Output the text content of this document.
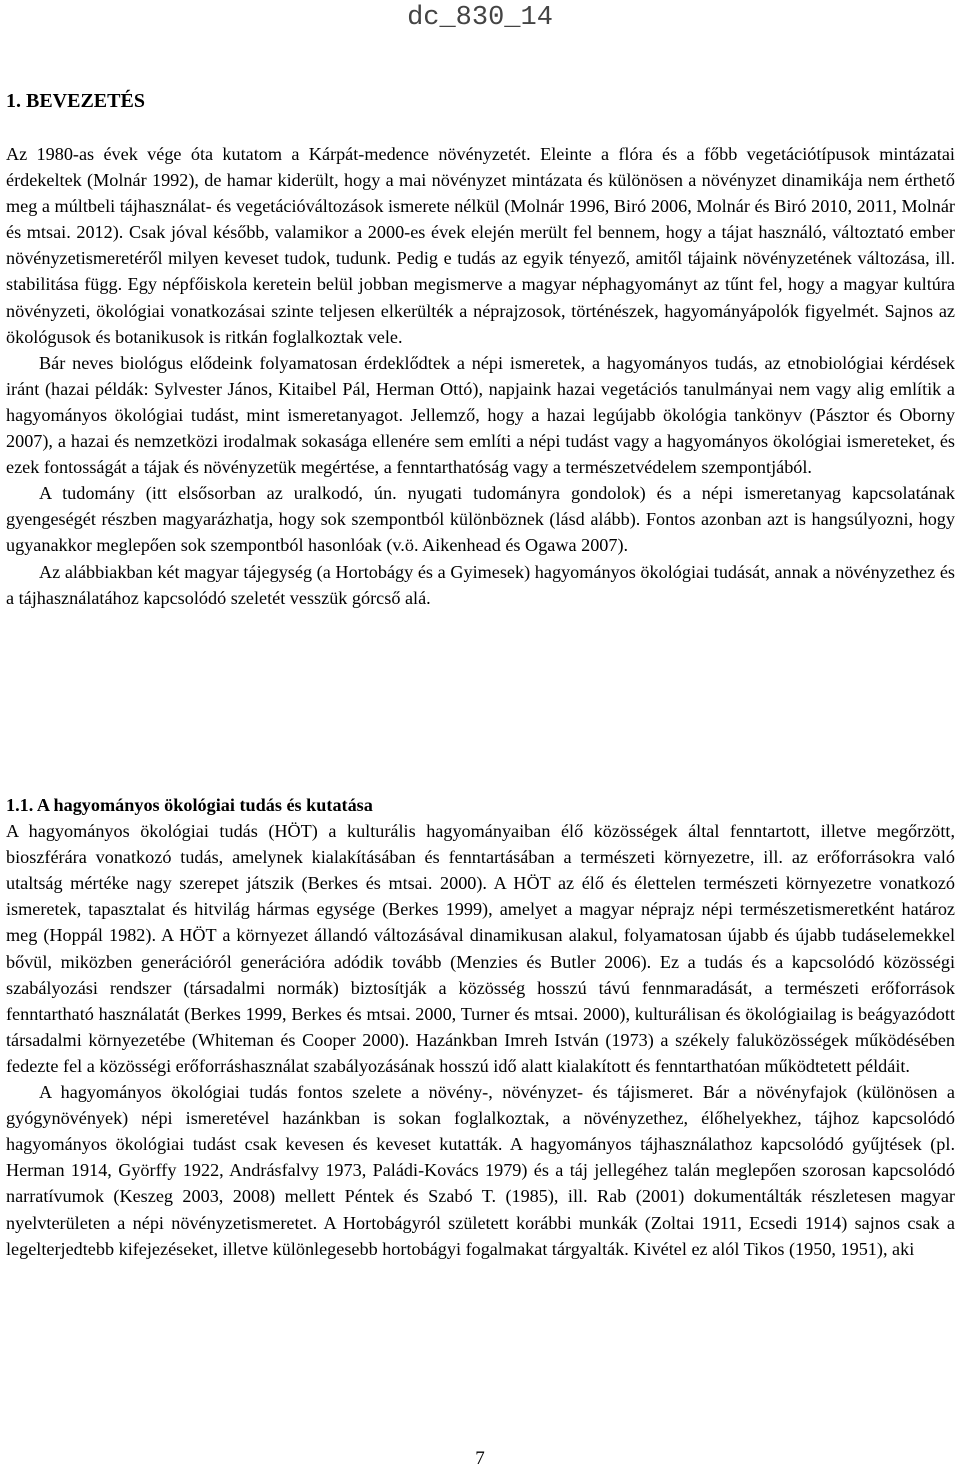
dc_830_14
1. BEVEZETÉS

Az 1980-as évek vége óta kutatom a Kárpát-medence növényzetét. Eleinte a flóra és a főbb vegetációtípusok mintázatai érdekeltek (Molnár 1992), de hamar kiderült, hogy a mai növényzet mintázata és különösen a növényzet dinamikája nem érthető meg a múltbeli tájhasználat- és vegetációváltozások ismerete nélkül (Molnár 1996, Biró 2006, Molnár és Biró 2010, 2011, Molnár és mtsai. 2012). Csak jóval később, valamikor a 2000-es évek elején merült fel bennem, hogy a tájat használó, változtató ember növényzetismeretéről milyen keveset tudok, tudunk. Pedig e tudás az egyik tényező, amitől tájaink növényzetének változása, ill. stabilitása függ. Egy népfőiskola keretein belül jobban megismerve a magyar néphagyományt az tűnt fel, hogy a magyar kultúra növényzeti, ökológiai vonatkozásai szinte teljesen elkerülték a néprajzosok, történészek, hagyományápolók figyelmét. Sajnos az ökológusok és botanikusok is ritkán foglalkoztak vele.

Bár neves biológus elődeink folyamatosan érdeklődtek a népi ismeretek, a hagyományos tudás, az etnobiológiai kérdések iránt (hazai példák: Sylvester János, Kitaibel Pál, Herman Ottó), napjaink hazai vegetációs tanulmányai nem vagy alig említik a hagyományos ökológiai tudást, mint ismeretanyagot. Jellemző, hogy a hazai legújabb ökológia tankönyv (Pásztor és Oborny 2007), a hazai és nemzetközi irodalmak sokasága ellenére sem említi a népi tudást vagy a hagyományos ökológiai ismereteket, és ezek fontosságát a tájak és növényzetük megértése, a fenntarthatóság vagy a természetvédelem szempontjából.

A tudomány (itt elsősorban az uralkodó, ún. nyugati tudományra gondolok) és a népi ismeretanyag kapcsolatának gyengeségét részben magyarázhatja, hogy sok szempontból különböznek (lásd alább). Fontos azonban azt is hangsúlyozni, hogy ugyanakkor meglepően sok szempontból hasonlóak (v.ö. Aikenhead és Ogawa 2007).

Az alábbiakban két magyar tájegység (a Hortobágy és a Gyimesek) hagyományos ökológiai tudását, annak a növényzethez és a tájhasználatához kapcsolódó szeletét vesszük górcső alá.

1.1. A hagyományos ökológiai tudás és kutatása

A hagyományos ökológiai tudás (HÖT) a kulturális hagyományaiban élő közösségek által fenntartott, illetve megőrzött, bioszférára vonatkozó tudás, amelynek kialakításában és fenntartásában a természeti környezetre, ill. az erőforrásokra való utaltság mértéke nagy szerepet játszik (Berkes és mtsai. 2000). A HÖT az élő és élettelen természeti környezetre vonatkozó ismeretek, tapasztalat és hitvilág hármas egysége (Berkes 1999), amelyet a magyar néprajz népi természetismeretként határoz meg (Hoppál 1982). A HÖT a környezet állandó változásával dinamikusan alakul, folyamatosan újabb és újabb tudáselemekkel bővül, miközben generációról generációra adódik tovább (Menzies és Butler 2006). Ez a tudás és a kapcsolódó közösségi szabályozási rendszer (társadalmi normák) biztosítják a közösség hosszú távú fennmaradását, a természeti erőforrások fenntartható használatát (Berkes 1999, Berkes és mtsai. 2000, Turner és mtsai. 2000), kulturálisan és ökológiailag is beágyazódott társadalmi környezetébe (Whiteman és Cooper 2000). Hazánkban Imreh István (1973) a székely faluközösségek működésében fedezte fel a közösségi erőforráshasználat szabályozásának hosszú idő alatt kialakított és fenntarthatóan működtetett példáit.

A hagyományos ökológiai tudás fontos szelete a növény-, növényzet- és tájismeret. Bár a növényfajok (különösen a gyógynövények) népi ismeretével hazánkban is sokan foglalkoztak, a növényzethez, élőhelyekhez, tájhoz kapcsolódó hagyományos ökológiai tudást csak kevesen és keveset kutatták. A hagyományos tájhasználathoz kapcsolódó gyűjtések (pl. Herman 1914, Györffy 1922, Andrásfalvy 1973, Paládi-Kovács 1979) és a táj jellegéhez talán meglepően szorosan kapcsolódó narratívumok (Keszeg 2003, 2008) mellett Péntek és Szabó T. (1985), ill. Rab (2001) dokumentálták részletesen magyar nyelvterületen a népi növényzetismeretet. A Hortobágyról született korábbi munkák (Zoltai 1911, Ecsedi 1914) sajnos csak a legelterjedtebb kifejezéseket, illetve különlegesebb hortobágyi fogalmakat tárgyalták. Kivétel ez alól Tikos (1950, 1951), aki

7
